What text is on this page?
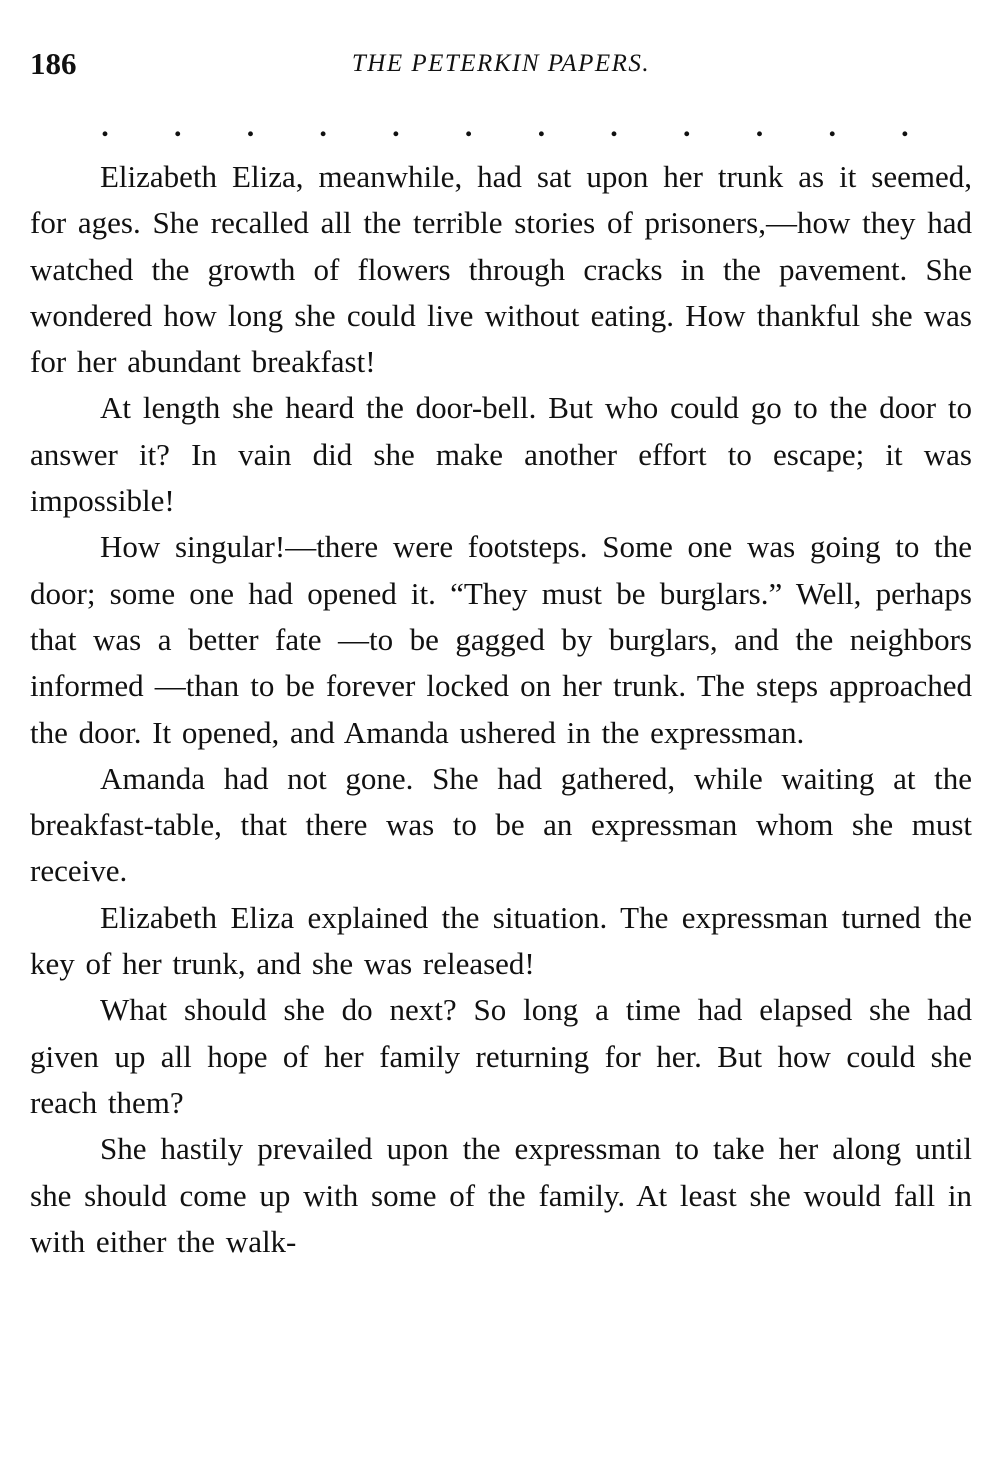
186	THE PETERKIN PAPERS.
. . . . . . . . . . . .

Elizabeth Eliza, meanwhile, had sat upon her trunk as it seemed, for ages. She recalled all the terrible stories of prisoners,—how they had watched the growth of flowers through cracks in the pavement. She wondered how long she could live without eating. How thankful she was for her abundant breakfast!

At length she heard the door-bell. But who could go to the door to answer it? In vain did she make another effort to escape; it was impossible!

How singular!—there were footsteps. Some one was going to the door; some one had opened it. “They must be burglars.” Well, perhaps that was a better fate —to be gagged by burglars, and the neighbors informed —than to be forever locked on her trunk. The steps approached the door. It opened, and Amanda ushered in the expressman.

Amanda had not gone. She had gathered, while waiting at the breakfast-table, that there was to be an expressman whom she must receive.

Elizabeth Eliza explained the situation. The expressman turned the key of her trunk, and she was released!

What should she do next? So long a time had elapsed she had given up all hope of her family returning for her. But how could she reach them?

She hastily prevailed upon the expressman to take her along until she should come up with some of the family. At least she would fall in with either the walk-
